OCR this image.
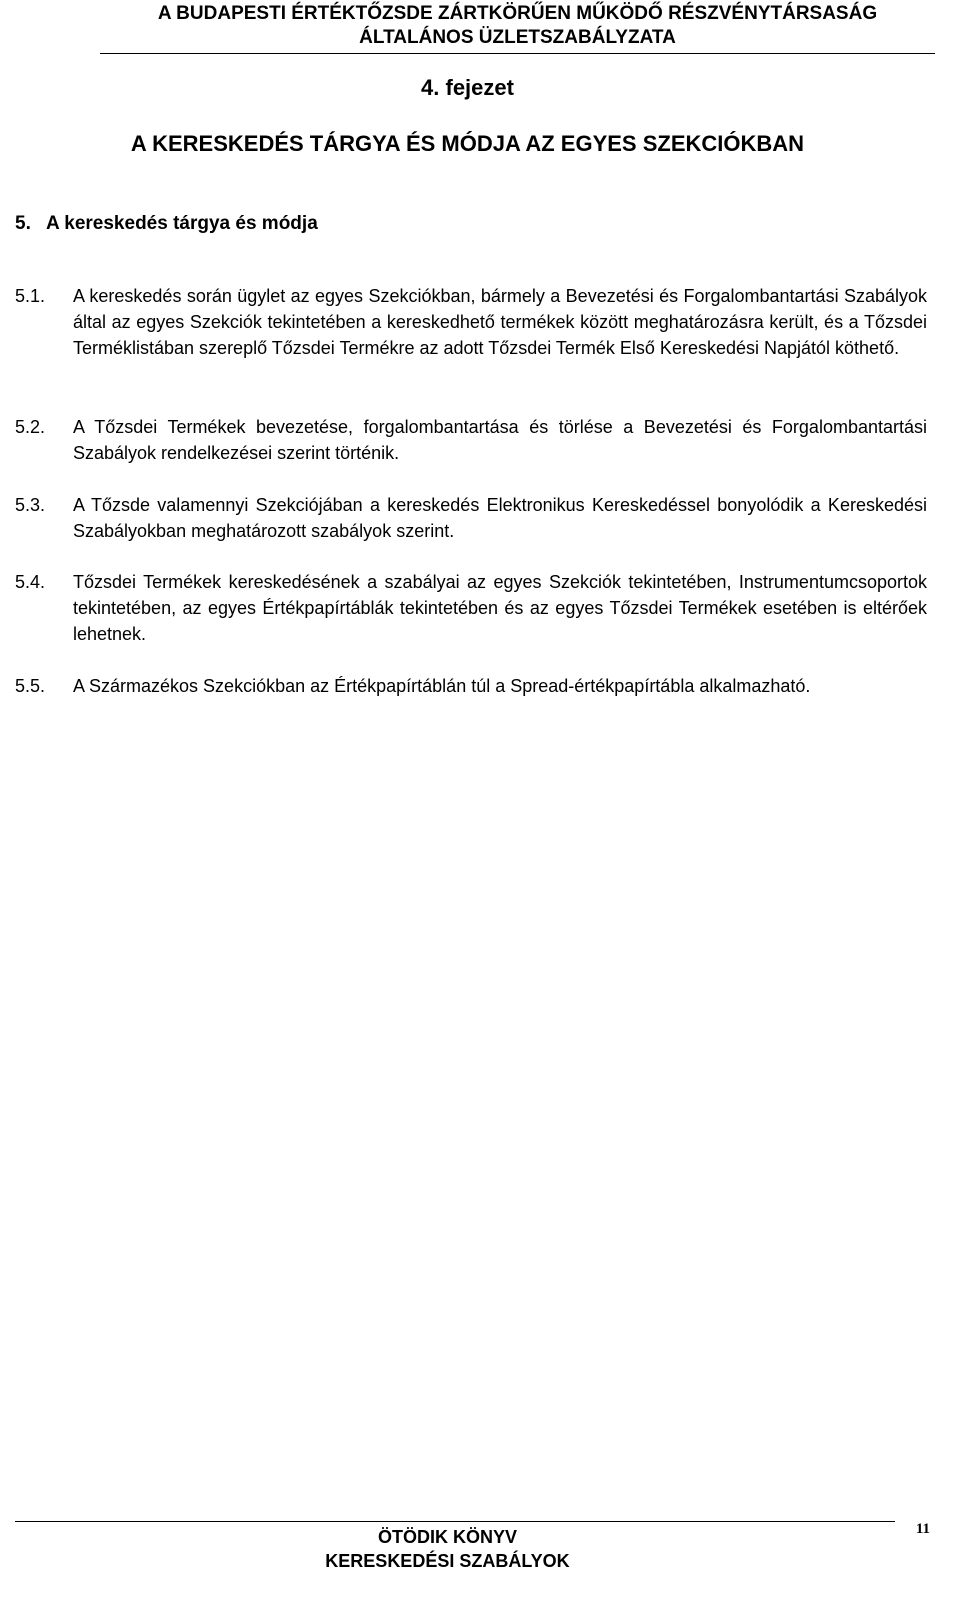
A BUDAPESTI ÉRTÉKTŐZSDE ZÁRTKÖRŰEN MŰKÖDŐ RÉSZVÉNYTÁRSASÁG
ÁLTALÁNOS ÜZLETSZABÁLYZATA
4. fejezet
A KERESKEDÉS TÁRGYA ÉS MÓDJA AZ EGYES SZEKCIÓKBAN
5.   A kereskedés tárgya és módja
5.1.	A kereskedés során ügylet az egyes Szekciókban, bármely a Bevezetési és Forgalombantartási Szabályok által az egyes Szekciók tekintetében a kereskedhető termékek között meghatározásra került, és a Tőzsdei Terméklistában szereplő Tőzsdei Termékre az adott Tőzsdei Termék Első Kereskedési Napjától köthető.
5.2.	A Tőzsdei Termékek bevezetése, forgalombantartása és törlése a Bevezetési és Forgalombantartási Szabályok rendelkezései szerint történik.
5.3.	A Tőzsde valamennyi Szekciójában a kereskedés Elektronikus Kereskedéssel bonyolódik a Kereskedési Szabályokban meghatározott szabályok szerint.
5.4.	Tőzsdei Termékek kereskedésének a szabályai az egyes Szekciók tekintetében, Instrumentumcsoportok tekintetében, az egyes Értékpapírtáblák tekintetében és az egyes Tőzsdei Termékek esetében is eltérőek lehetnek.
5.5.	A Származékos Szekciókban az Értékpapírtáblán túl a Spread-értékpapírtábla alkalmazható.
ÖTÖDIK KÖNYV
KERESKEDÉSI SZABÁLYOK
11
